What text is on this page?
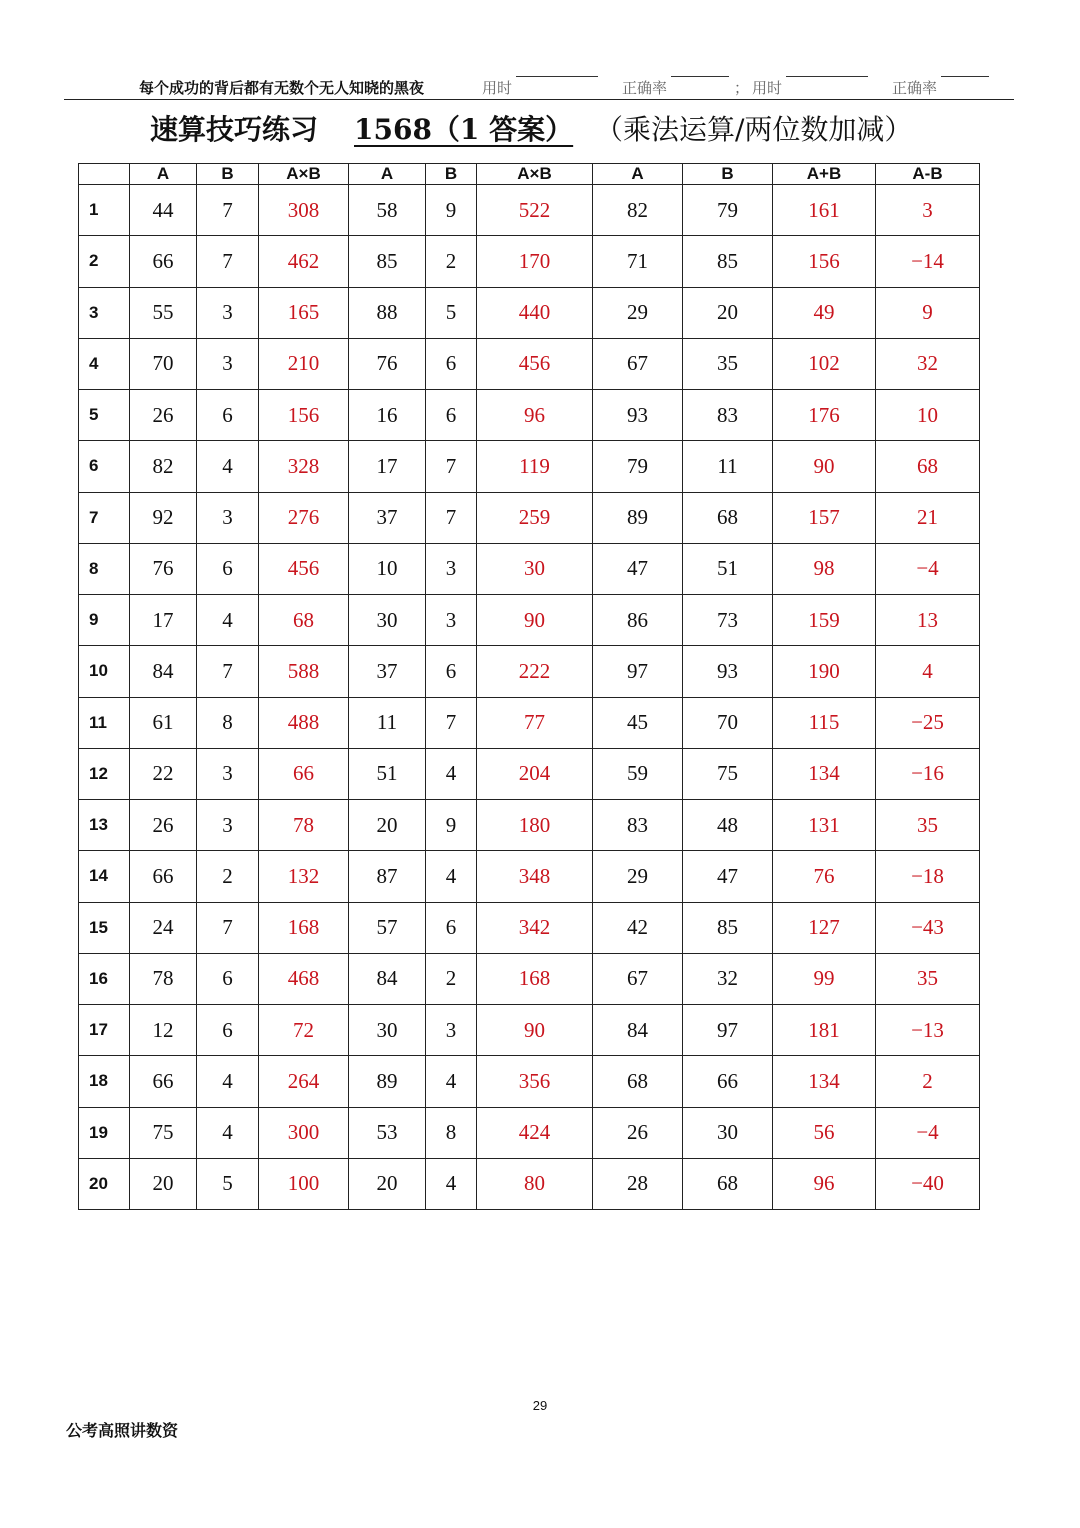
每个成功的背后都有无数个无人知晓的黑夜	用时	正确率	； 用时	正确率
速算技巧练习	1568（1 答案） （乘法运算/两位数加减）
	A	B	A×B	A	B	A×B	A	B	A+B	A-B
1	44	7	308	58	9	522	82	79	161	3
2	66	7	462	85	2	170	71	85	156	−14
3	55	3	165	88	5	440	29	20	49	9
4	70	3	210	76	6	456	67	35	102	32
5	26	6	156	16	6	96	93	83	176	10
6	82	4	328	17	7	119	79	11	90	68
7	92	3	276	37	7	259	89	68	157	21
8	76	6	456	10	3	30	47	51	98	−4
9	17	4	68	30	3	90	86	73	159	13
10	84	7	588	37	6	222	97	93	190	4
11	61	8	488	11	7	77	45	70	115	−25
12	22	3	66	51	4	204	59	75	134	−16
13	26	3	78	20	9	180	83	48	131	35
14	66	2	132	87	4	348	29	47	76	−18
15	24	7	168	57	6	342	42	85	127	−43
16	78	6	468	84	2	168	67	32	99	35
17	12	6	72	30	3	90	84	97	181	−13
18	66	4	264	89	4	356	68	66	134	2
19	75	4	300	53	8	424	26	30	56	−4
20	20	5	100	20	4	80	28	68	96	−40
29
公考高照讲数资
